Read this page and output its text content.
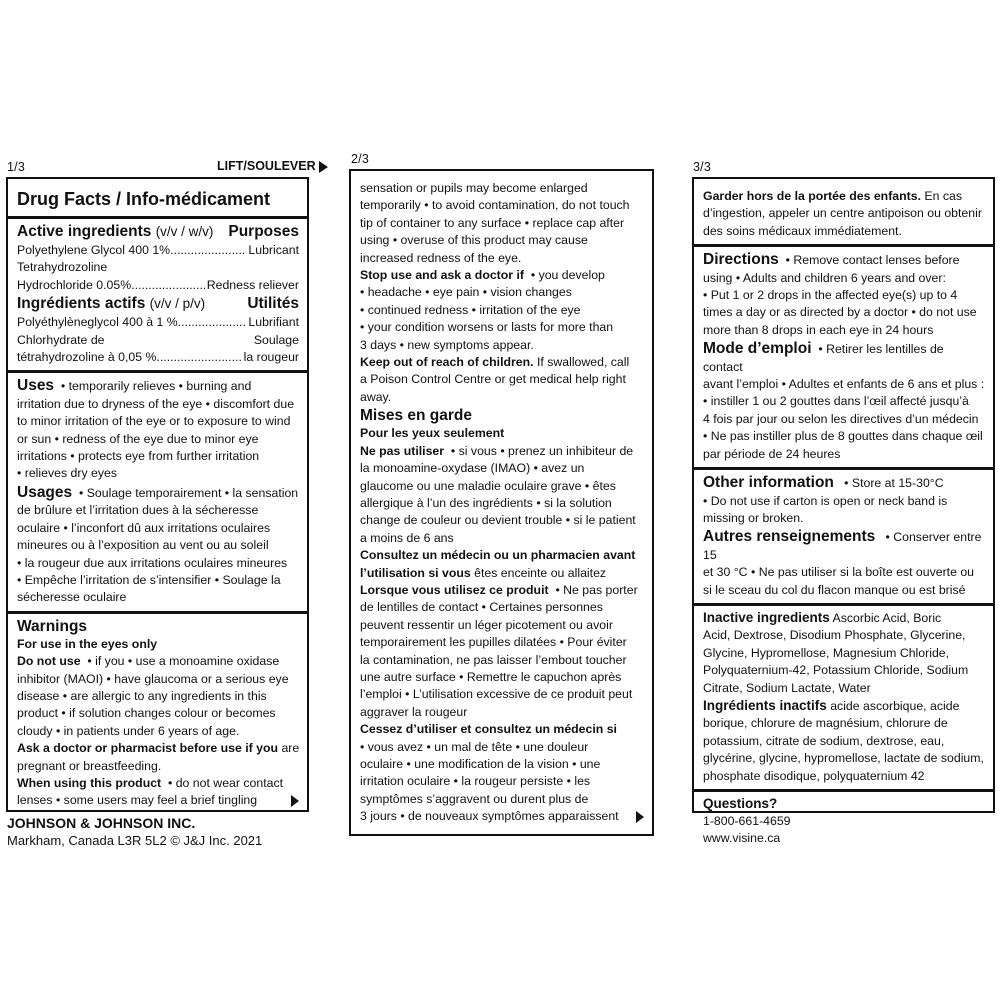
1/3	LIFT/SOULEVER	2/3
3/3
Drug Facts / Info-médicament
Active ingredients (v/v / w/v) Purposes
Polyethylene Glycol 400 1% .....	Lubricant
Tetrahydrozoline
Hydrochloride 0.05% .....	Redness reliever
Ingrédients actifs (v/v / p/v)	Utilités
Polyéthylèneglycol 400 à 1 % .....	Lubrifiant
Chlorhydrate de	Soulage
tétrahydrozoline à 0,05 % .....	la rougeur
Uses • temporarily relieves • burning and
irritation due to dryness of the eye • discomfort due
to minor irritation of the eye or to exposure to wind
or sun • redness of the eye due to minor eye
irritations • protects eye from further irritation
• relieves dry eyes
Usages • Soulage temporairement • la sensation
de brûlure et l’irritation dues à la sécheresse
oculaire • l’inconfort dû aux irritations oculaires
mineures ou à l’exposition au vent ou au soleil
• la rougeur due aux irritations oculaires mineures
• Empêche l’irritation de s’intensifier • Soulage la
sécheresse oculaire
Warnings
For use in the eyes only
Do not use • if you • use a monoamine oxidase
inhibitor (MAOI) • have glaucoma or a serious eye
disease • are allergic to any ingredients in this
product • if solution changes colour or becomes
cloudy • in patients under 6 years of age.
Ask a doctor or pharmacist before use if you are
pregnant or breastfeeding.
When using this product • do not wear contact
lenses • some users may feel a brief tingling
JOHNSON & JOHNSON INC.
Markham, Canada L3R 5L2 © J&J Inc. 2021
sensation or pupils may become enlarged
temporarily • to avoid contamination, do not touch
tip of container to any surface • replace cap after
using • overuse of this product may cause
increased redness of the eye.
Stop use and ask a doctor if • you develop
• headache • eye pain • vision changes
• continued redness • irritation of the eye
• your condition worsens or lasts for more than
3 days • new symptoms appear.
Keep out of reach of children. If swallowed, call
a Poison Control Centre or get medical help right
away.
Mises en garde
Pour les yeux seulement
Ne pas utiliser • si vous • prenez un inhibiteur de
la monoamine-oxydase (IMAO) • avez un
glaucome ou une maladie oculaire grave • êtes
allergique à l’un des ingrédients • si la solution
change de couleur ou devient trouble • si le patient
a moins de 6 ans
Consultez un médecin ou un pharmacien avant
l’utilisation si vous êtes enceinte ou allaitez
Lorsque vous utilisez ce produit • Ne pas porter
de lentilles de contact • Certaines personnes
peuvent ressentir un léger picotement ou avoir
temporairement les pupilles dilatées • Pour éviter
la contamination, ne pas laisser l’embout toucher
une autre surface • Remettre le capuchon après
l’emploi • L’utilisation excessive de ce produit peut
aggraver la rougeur
Cessez d’utiliser et consultez un médecin si
• vous avez • un mal de tête • une douleur
oculaire • une modification de la vision • une
irritation oculaire • la rougeur persiste • les
symptômes s’aggravent ou durent plus de
3 jours • de nouveaux symptômes apparaissent
Garder hors de la portée des enfants. En cas
d’ingestion, appeler un centre antipoison ou obtenir
des soins médicaux immédiatement.
Directions • Remove contact lenses before
using • Adults and children 6 years and over:
• Put 1 or 2 drops in the affected eye(s) up to 4
times a day or as directed by a doctor • do not use
more than 8 drops in each eye in 24 hours
Mode d’emploi • Retirer les lentilles de contact
avant l’emploi • Adultes et enfants de 6 ans et plus :
• instiller 1 ou 2 gouttes dans l’œil affecté jusqu’à
4 fois par jour ou selon les directives d’un médecin
• Ne pas instiller plus de 8 gouttes dans chaque œil
par période de 24 heures
Other information • Store at 15-30°C
• Do not use if carton is open or neck band is
missing or broken.
Autres renseignements • Conserver entre 15
et 30 °C • Ne pas utiliser si la boîte est ouverte ou
si le sceau du col du flacon manque ou est brisé
Inactive ingredients Ascorbic Acid, Boric
Acid, Dextrose, Disodium Phosphate, Glycerine,
Glycine, Hypromellose, Magnesium Chloride,
Polyquaternium-42, Potassium Chloride, Sodium
Citrate, Sodium Lactate, Water
Ingrédients inactifs acide ascorbique, acide
borique, chlorure de magnésium, chlorure de
potassium, citrate de sodium, dextrose, eau,
glycérine, glycine, hypromellose, lactate de sodium,
phosphate disodique, polyquaternium 42
Questions?
1-800-661-4659
www.visine.ca
